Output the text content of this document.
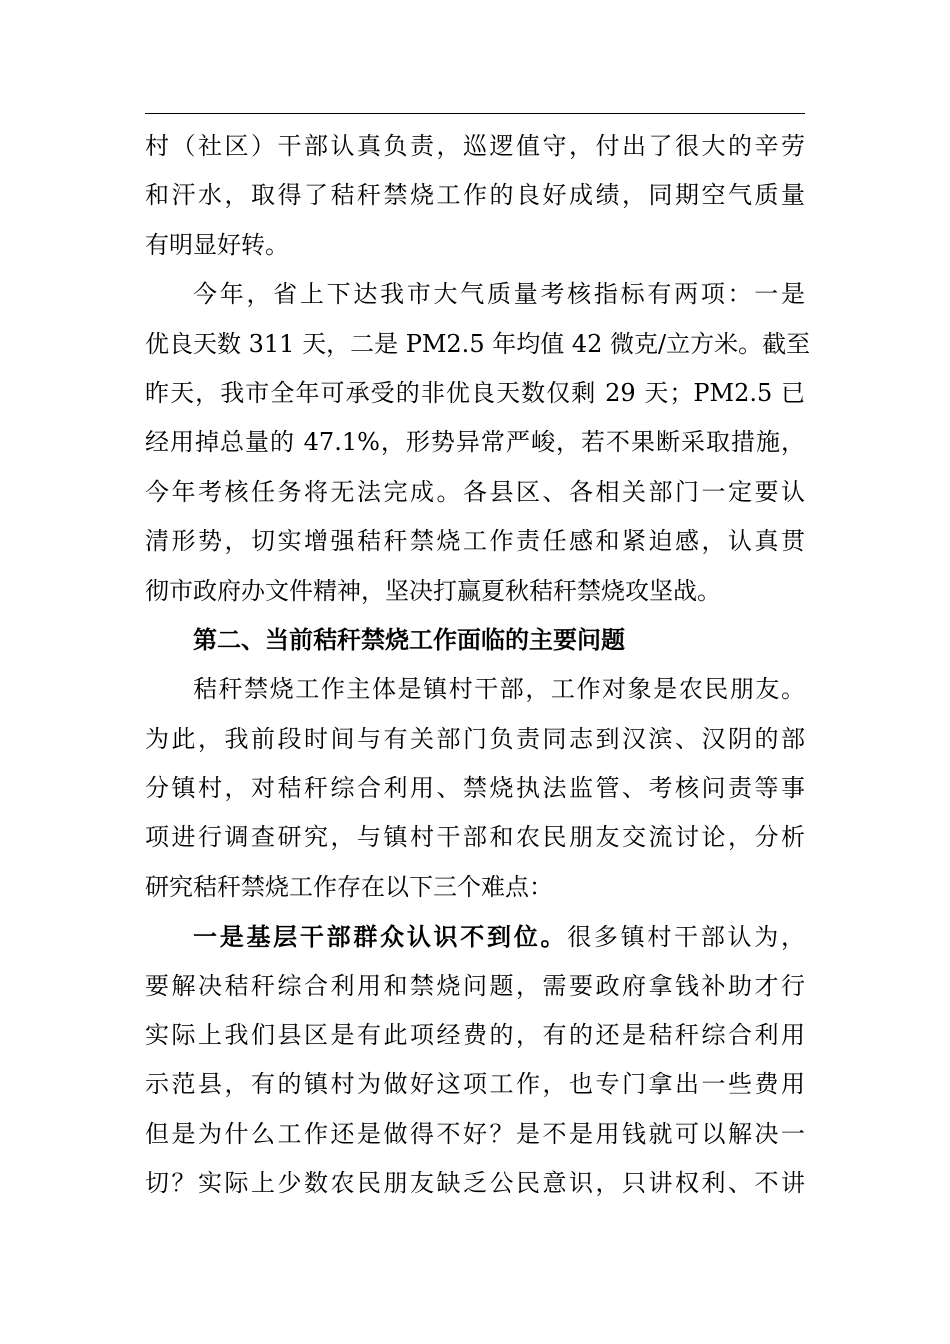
村（社区）干部认真负责，巡逻值守，付出了很大的辛劳
和汗水，取得了秸秆禁烧工作的良好成绩，同期空气质量
有明显好转。
今年，省上下达我市大气质量考核指标有两项：一是
优良天数 311 天，二是 PM2.5 年均值 42 微克/立方米。截至
昨天，我市全年可承受的非优良天数仅剩 29 天；PM2.5 已
经用掉总量的 47.1%，形势异常严峻，若不果断采取措施，
今年考核任务将无法完成。各县区、各相关部门一定要认
清形势，切实增强秸秆禁烧工作责任感和紧迫感，认真贯
彻市政府办文件精神，坚决打赢夏秋秸秆禁烧攻坚战。
第二、当前秸秆禁烧工作面临的主要问题
秸秆禁烧工作主体是镇村干部，工作对象是农民朋友。
为此，我前段时间与有关部门负责同志到汉滨、汉阴的部
分镇村，对秸秆综合利用、禁烧执法监管、考核问责等事
项进行调查研究，与镇村干部和农民朋友交流讨论，分析
研究秸秆禁烧工作存在以下三个难点：
一是基层干部群众认识不到位。很多镇村干部认为，
要解决秸秆综合利用和禁烧问题，需要政府拿钱补助才行
实际上我们县区是有此项经费的，有的还是秸秆综合利用
示范县，有的镇村为做好这项工作，也专门拿出一些费用
但是为什么工作还是做得不好？是不是用钱就可以解决一
切？实际上少数农民朋友缺乏公民意识，只讲权利、不讲
